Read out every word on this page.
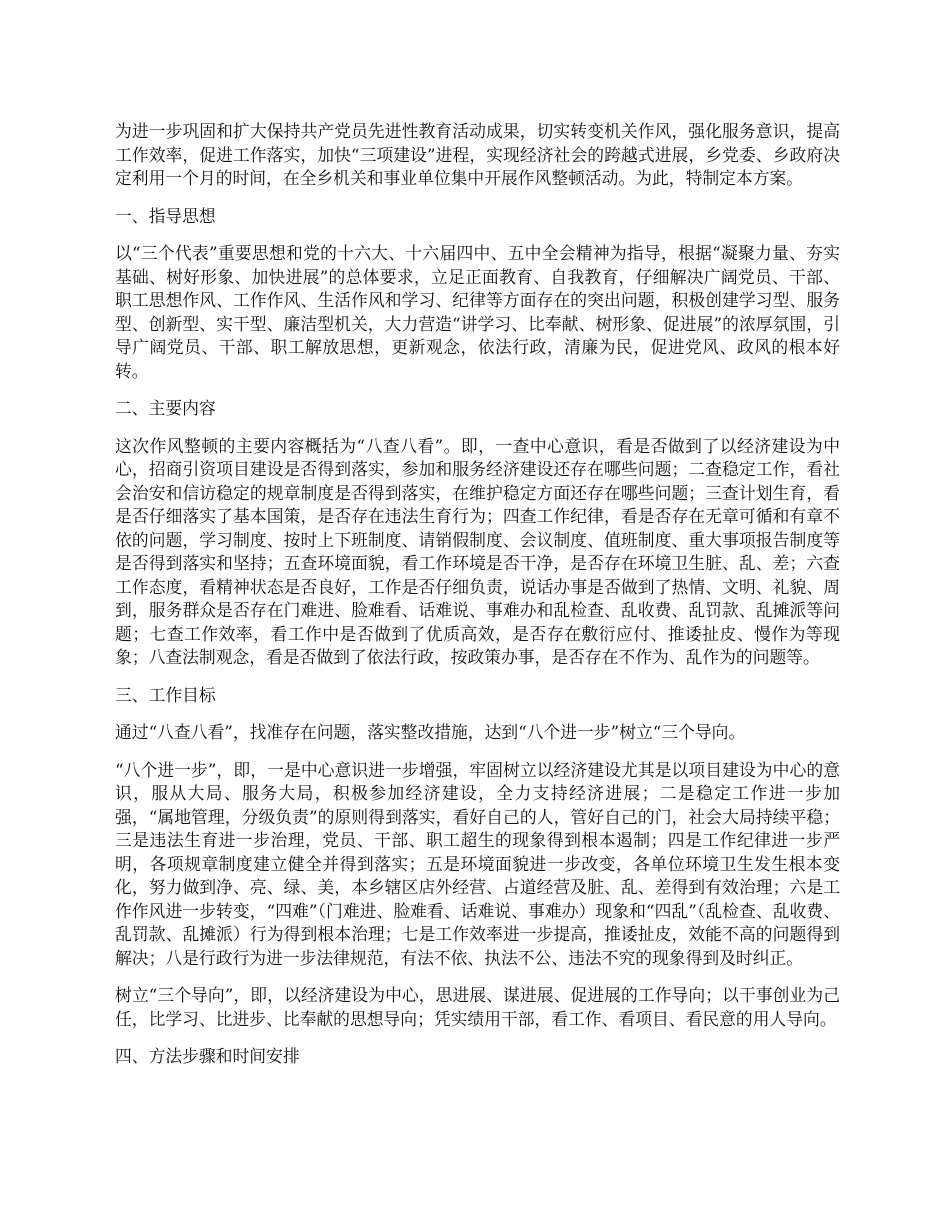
为进一步巩固和扩大保持共产党员先进性教育活动成果，切实转变机关作风，强化服务意识，提高工作效率，促进工作落实，加快“三项建设”进程，实现经济社会的跨越式进展，乡党委、乡政府决定利用一个月的时间，在全乡机关和事业单位集中开展作风整顿活动。为此，特制定本方案。

一、指导思想

以“三个代表”重要思想和党的十六大、十六届四中、五中全会精神为指导，根据“凝聚力量、夯实基础、树好形象、加快进展”的总体要求，立足正面教育、自我教育，仔细解决广阔党员、干部、职工思想作风、工作作风、生活作风和学习、纪律等方面存在的突出问题，积极创建学习型、服务型、创新型、实干型、廉洁型机关，大力营造“讲学习、比奉献、树形象、促进展”的浓厚氛围，引导广阔党员、干部、职工解放思想，更新观念，依法行政，清廉为民，促进党风、政风的根本好转。

二、主要内容

这次作风整顿的主要内容概括为“八查八看”。即，一查中心意识，看是否做到了以经济建设为中心，招商引资项目建设是否得到落实，参加和服务经济建设还存在哪些问题；二查稳定工作，看社会治安和信访稳定的规章制度是否得到落实，在维护稳定方面还存在哪些问题；三查计划生育，看是否仔细落实了基本国策，是否存在违法生育行为；四查工作纪律，看是否存在无章可循和有章不依的问题，学习制度、按时上下班制度、请销假制度、会议制度、值班制度、重大事项报告制度等是否得到落实和坚持；五查环境面貌，看工作环境是否干净，是否存在环境卫生脏、乱、差；六查工作态度，看精神状态是否良好，工作是否仔细负责，说话办事是否做到了热情、文明、礼貌、周到，服务群众是否存在门难进、脸难看、话难说、事难办和乱检查、乱收费、乱罚款、乱摊派等问题；七查工作效率，看工作中是否做到了优质高效，是否存在敷衍应付、推诿扯皮、慢作为等现象；八查法制观念，看是否做到了依法行政，按政策办事，是否存在不作为、乱作为的问题等。

三、工作目标

通过“八查八看”，找准存在问题，落实整改措施，达到“八个进一步”树立“三个导向。

“八个进一步”，即，一是中心意识进一步增强，牢固树立以经济建设尤其是以项目建设为中心的意识，服从大局、服务大局，积极参加经济建设，全力支持经济进展；二是稳定工作进一步加强，“属地管理，分级负责”的原则得到落实，看好自己的人，管好自己的门，社会大局持续平稳；三是违法生育进一步治理，党员、干部、职工超生的现象得到根本遏制；四是工作纪律进一步严明，各项规章制度建立健全并得到落实；五是环境面貌进一步改变，各单位环境卫生发生根本变化，努力做到净、亮、绿、美，本乡辖区店外经营、占道经营及脏、乱、差得到有效治理；六是工作作风进一步转变，“四难”（门难进、脸难看、话难说、事难办）现象和“四乱”（乱检查、乱收费、乱罚款、乱摊派）行为得到根本治理；七是工作效率进一步提高，推诿扯皮，效能不高的问题得到解决；八是行政行为进一步法律规范，有法不依、执法不公、违法不究的现象得到及时纠正。

树立“三个导向”，即，以经济建设为中心，思进展、谋进展、促进展的工作导向；以干事创业为己任，比学习、比进步、比奉献的思想导向；凭实绩用干部，看工作、看项目、看民意的用人导向。

四、方法步骤和时间安排
